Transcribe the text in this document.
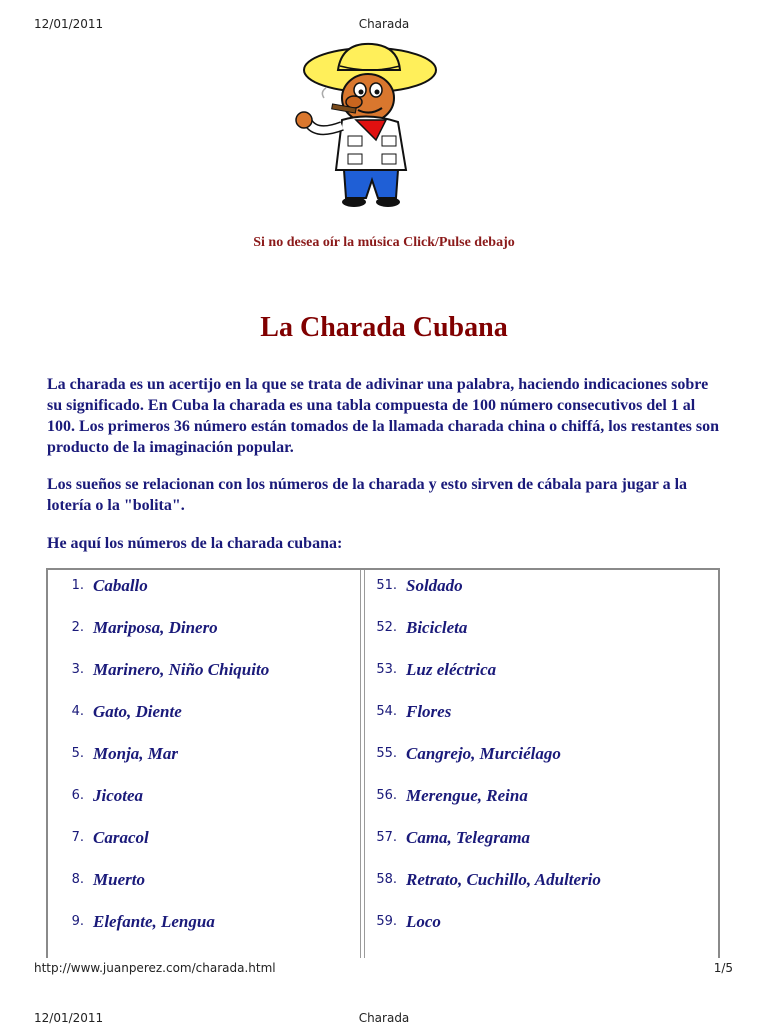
12/01/2011	Charada
Si no desea oír la música Click/Pulse debajo
La Charada Cubana

La charada es un acertijo en la que se trata de adivinar una palabra, haciendo indicaciones sobre su significado. En Cuba la charada es una tabla compuesta de 100 número consecutivos del 1 al 100. Los primeros 36 número están tomados de la llamada charada china o chiffá, los restantes son producto de la imaginación popular.

Los sueños se relacionan con los números de la charada y esto sirven de cábala para jugar a la lotería o la "bolita".

He aquí los números de la charada cubana:

1. Caballo
2. Mariposa, Dinero
3. Marinero, Niño Chiquito
4. Gato, Diente
5. Monja, Mar
6. Jicotea
7. Caracol
8. Muerto
9. Elefante, Lengua
51. Soldado
52. Bicicleta
53. Luz eléctrica
54. Flores
55. Cangrejo, Murciélago
56. Merengue, Reina
57. Cama, Telegrama
58. Retrato, Cuchillo, Adulterio
59. Loco
http://www.juanperez.com/charada.html	1/5
12/01/2011	Charada
